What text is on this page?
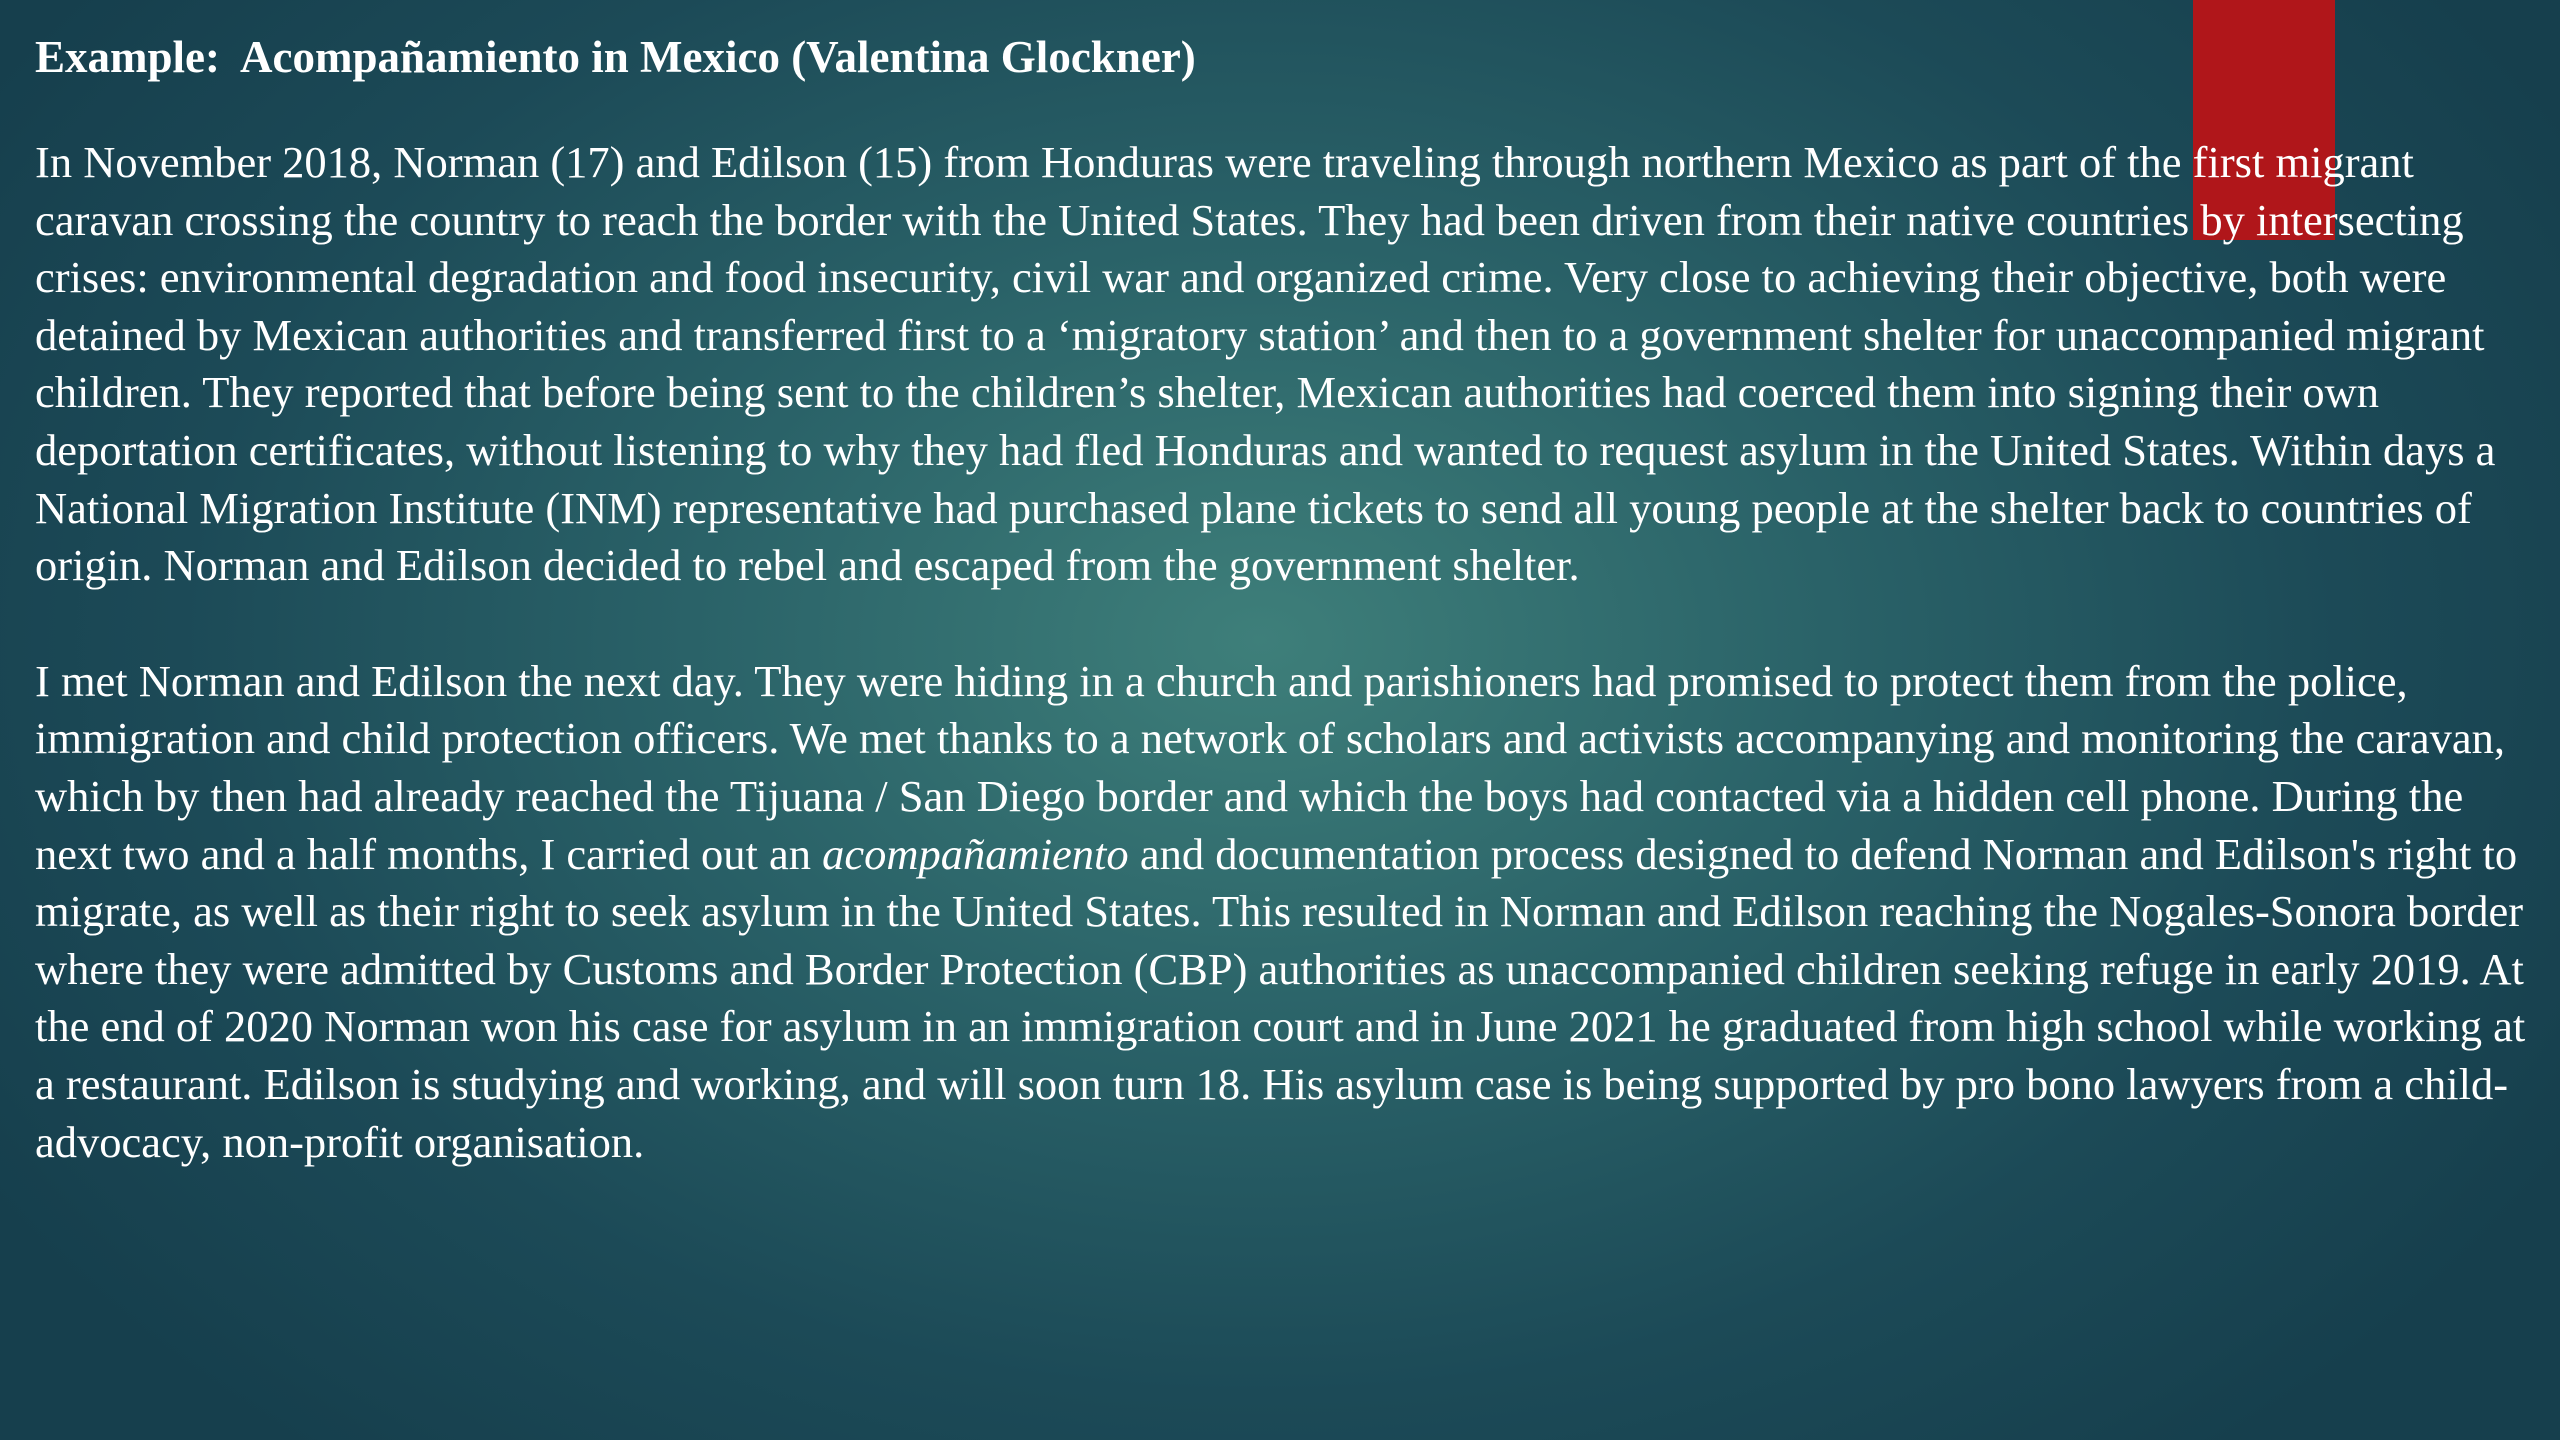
Example:  Acompañamiento in Mexico (Valentina Glockner)

In November 2018, Norman (17) and Edilson (15) from Honduras were traveling through northern Mexico as part of the first migrant caravan crossing the country to reach the border with the United States. They had been driven from their native countries by intersecting crises: environmental degradation and food insecurity, civil war and organized crime. Very close to achieving their objective, both were detained by Mexican authorities and transferred first to a ‘migratory station’ and then to a government shelter for unaccompanied migrant children. They reported that before being sent to the children’s shelter, Mexican authorities had coerced them into signing their own deportation certificates, without listening to why they had fled Honduras and wanted to request asylum in the United States. Within days a National Migration Institute (INM) representative had purchased plane tickets to send all young people at the shelter back to countries of origin. Norman and Edilson decided to rebel and escaped from the government shelter.

I met Norman and Edilson the next day. They were hiding in a church and parishioners had promised to protect them from the police, immigration and child protection officers. We met thanks to a network of scholars and activists accompanying and monitoring the caravan, which by then had already reached the Tijuana / San Diego border and which the boys had contacted via a hidden cell phone. During the next two and a half months, I carried out an acompañamiento and documentation process designed to defend Norman and Edilson's right to migrate, as well as their right to seek asylum in the United States. This resulted in Norman and Edilson reaching the Nogales-Sonora border where they were admitted by Customs and Border Protection (CBP) authorities as unaccompanied children seeking refuge in early 2019. At the end of 2020 Norman won his case for asylum in an immigration court and in June 2021 he graduated from high school while working at a restaurant. Edilson is studying and working, and will soon turn 18. His asylum case is being supported by pro bono lawyers from a child-advocacy, non-profit organisation.
